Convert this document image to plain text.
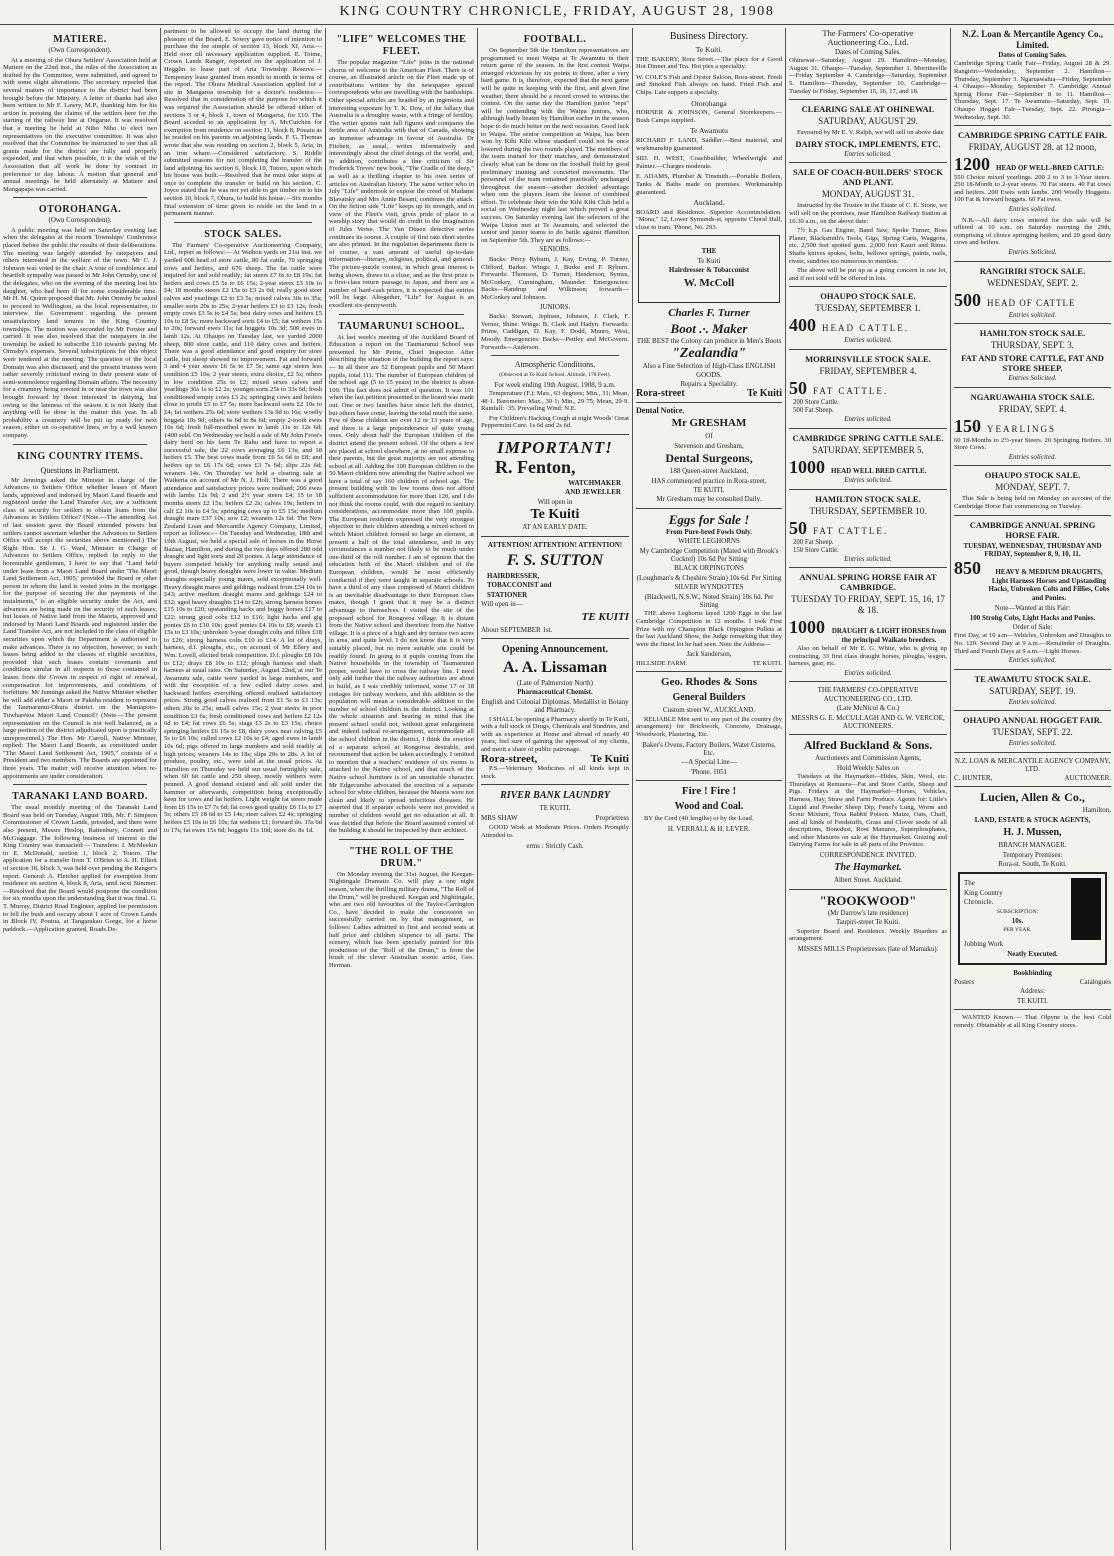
KING COUNTRY CHRONICLE, FRIDAY, AUGUST 28, 1908
MATIERE.
(Own Correspondent).

At a meeting of the Ohura Settlers' Association held at Matiere on the 22nd inst., the rules of the Association as drafted by the Committee, were submitted, and agreed to with some slight alterations. The secretary reported that several matters of importance to the district had been brought before the Ministry. A letter of thanks had also been written to Mr F. Lawry, M.P., thanking him for his action in pressing the claims of the settlers here for the starting of the railway line at Ongarue. It was resolved that a meeting be held at Niho Niho to elect two representatives on the executive committee. It was also resolved that the Committee be instructed to see that all grants made for the district are fully and properly expended, and that when possible, it is the wish of the Association that all work be done by contract in preference to day labour. A motion that general and annual meetings be held alternately at Matiere and Mangapapa was carried.

OTOROHANGA.
(Own Correspondent).

A public meeting was held on Saturday evening last when the delegates at the recent Townships' Conference placed before the public the results of their deliberations. The meeting was largely attended by ratepayers and others interested in the welfare of the town. Mr C. J. Johnson was voted to the chair. A vote of condolence and heartfelt sympathy was passed to Mr John Ormsby, one of the delegates, who on the evening of the meeting lost his daughter, who had been ill for some considerable time. Mr H. M. Quinn proposed that Mr. John Ormsby be asked to proceed to Wellington, as the local representative, to interview the Government regarding the present unsatisfactory land tenures in the King Country townships. The motion was seconded by Mr Forster and carried. It was also resolved that the ratepayers in the township be asked to subscribe £10 towards paying Mr Ormsby's expenses. Several subscriptions for this object were tendered at the meeting. The question of the local Domain was also discussed, and the present trustees were rather severely criticised owing to their present state of semi-somnolence regarding Domain affairs. The necessity for a creamery being erected in or near the town was also brought forward by those interested in dairying, but owing to the lateness of the season it is not likely that anything will be done in the matter this year. In all probability a creamery will be put up ready for next season, either on co-operative lines, or by a well known company.

KING COUNTRY ITEMS.
Questions in Parliament.

Mr Jennings asked the Minister in charge of the Advances to Settlers Office whether leases of Maori lands, approved and indorsed by Maori Land Boards and registered under the Land Transfer Act, are a sufficient class of security for settlers to obtain loans from the Advances to Settlers Office? (Note.—The amending Act of last session gave the Board extended powers but settlers cannot ascertain whether the Advances to Settlers Office will accept the securities above mentioned.) The Right Hon. Sir J. G. Ward, Minister in Charge of Advances to Settlers Office, replied: In reply to the honourable gentleman, I have to say that "Land held under lease from a Maori Land Board under 'The Maori Land Settlement Act, 1905,' provided the Board or other person in whom the land is vested joins in the mortgage for the purpose of securing the due payments of the instalments," is an eligible security under the Act, and advances are being made on the security of such leases; but leases of Native land from the Maoris, approved and indorsed by Maori Land Boards and registered under the Land Transfer Act, are not included in the class of eligible securities upon which the Department is authorised to make advances. There is no objection, however, to such leases being added to the classes of eligible securities, provided that such leases contain covenants and conditions similar in all respects to those contained in leases from the Crown in respect of right of renewal, compensation for improvements, and conditions of forfeiture. Mr Jennings asked the Native Minister whether he will add either a Maori or Pakeha resident to represent the Taumarunui-Ohura district on the Maniapoto-Tuwharetoa Maori Land Council? (Note.—The present representation on the Council is not well balanced, as a large portion of the district adjudicated upon is practically unrepresented.) The Hon. Mr Carroll, Native Minister, replied: The Maori Land Boards, as constituted under "The Maori Land Settlement Act, 1905," consists of a President and two members. The Boards are appointed for three years. The matter will receive attention when re-appointments are under consideration.

TARANAKI LAND BOARD.

The usual monthly meeting of the Taranaki Land Board was held on Tuesday, August 18th, Mr. F. Simpson Commissioner of Crown Lands, presided, and there were also present, Messrs Heslop, Rattenbury, Connett and McGuggage. The following business of interest to the King Country was transacted:— Transfers: J. McMeekin to E. McDonald, section 1, block 2, Totoro. The application for a transfer from T. O'Brien to A. H. Elliott of section 18, block 3, was held over pending the Ranger's report. General: A. Fletcher applied for exemption from residence on section 4, block 8, Aria, until next Summer.—Resolved that the Board would postpone the condition for six months upon the understanding that it was final. G. T. Murray, District Road Engineer, applied for permission to fell the bush and occupy about 1 acre of Crown Lands in Block IV, Poutua, at Tangarakau Gorge, for a horse paddock.—Application granted, Roads De-

partment to be allowed to occupy the land during the pleasure of the Board. E. Sowry gave notice of intention to purchase the fee simple of section 13, block XI, Aria.—Held over till necessary application supplied. E. Toime, Crown Lands Ranger, reported on the application of J. Hegglin to lease part of Aria Township Reserve.—Temporary lease granted from month to month in terms of the report. The Ohura Medical Association applied for a site in Mangaroa township for a doctor's residence.—Resolved that in consideration of the purpose for which it was required the Association should be offered either of sections 3 or 4, block 1, town of Mangaroa, for £10. The Board acceded to an application by A. McCutchen for exemption from residence on section 11, block 8, Pouatu as he resided on his parents on adjoining lands. F. G. Thomas wrote that she was residing on section 2, block 5, Aria, in an iron whare.—Considered satisfactory. S. Riddle submitted reasons for not completing the transfer of the land adjoining his section 6, block 10, Totoro, upon which his house was built.—Resolved that he must take steps at once to complete the transfer or build on his section. C. Joyce stated that he was not yet able to get timber on to his section 10, block 7, Ohura, to build his house.—Six months final extension of time given to reside on the land in a permanent manner.

STOCK SALES.

The Farmers' Co-operative Auctioneering Company, Ltd., report as follows:— At Waihou yards on 21st inst. we yarded 608 head of store cattle, 80 fat cattle, 70 springing cows and heifers, and 676 sheep. The fat cattle were inquired for and sold readily; fat steers £7 6s to £8 19s; fat heifers and cows £5 5s to £6 15s; 2-year steers £3 10s to £4; 18 months steers £2 15s to £3 2s 6d; really good steer calves and yearlings £2 to £3 5s; mixed calves 30s to 35s; smaller sorts 20s to 25s; 2-year heifers £3 to £3 12s; fresh empty cows £3 5s to £4 5s; best dairy cows and heifers £5 10s to £8 5s; more backward sorts £4 to £5; fat wethers 15s to 20s; forward ewes 11s; fat hoggets 10s 3d; 500 ewes in lamb 12s. At Ohaupo on Tuesday last, we yarded 2000 sheep, 800 store cattle, and 110 dairy cows and heifers. There was a good attendance and good enquiry for store cattle, but sheep showed no improvement. Fat and forward 3 and 4 year steers £6 5s to £7 5s; same age steers less condition £5 10s; 2 year steers, extra choice, £2 5s; others in low condition 25s to £2; mixed sexes calves and yearlings 36s 1s to £2 2s; younger sorts 25s to 33s 6d; fresh conditioned empty cows £3 2s; springing cows and heifers close to profit £5 to £7 5s; more backward sorts £2 10s to £4; fat wethers 25s 6d; store wethers 13s 9d to 16s; woolly hoggets 10s 9d; others 6s 6d to 8s 6d; empty 2-tooth ewes 10s 6d; fresh full-mouthed ewes in lamb 11s to 12s 6d; 1400 sold. On Wednesday we held a sale of Mr John Frost's dairy herd on his farm Te Rahu and have to report a successful sale, the 22 cows averaging £6 13s; and 18 heifers £5. The best cows made from £6 5s 6d to £8; and heifers up to £6 17s 6d; sows £3 7s 6d; slips 22s 6d; weaners 14s. On Thursday we held a clearing sale at Waikeria on account of Mr N. J. Holt. There was a good attendance and satisfactory prices were realised; 206 ewes with lambs 12s 9d; 2 and 2½ year steers £4; 15 to 18 months steers £2 15s; heifers £2 2s; calves 19s; heifers in calf £2 10s to £4 5s; springing cows up to £5 15s; medium draught mare £37 10s; sow £2; weaners 12s 6d. The New Zealand Loan and Mercantile Agency Company, Limited, report as follows:— On Tuesday and Wednesday, 18th and 19th August, we held a special sale of horses in the Horse Bazaar, Hamilton, and during the two days offered 280 odd draught and light sorts and 20 ponies. A large attendance of buyers competed briskly for anything really sound and good, though heavy draughts were lower in value. Medium draughts especially young mares, sold exceptionally well. Heavy draught mares and geldings realised from £34 10s to £43; active medium draught mares and geldings £24 to £32; aged heavy draughts £14 to £26; strong harness horses £15 10s to £20; upstanding hacks and buggy horses £17 to £22; strong good cobs £12 to £16; light hacks and gig ponies £6 to £10 10s; good ponies £4 10s to £8; weeds £1 15s to £3 10s; unbroken 3-year draught colts and fillies £18 to £26; strong harness colts £10 to £14. A lot of drays, harness, d.f. ploughs, etc., on account of Mr Ellery and Wm. Lovell, elicited brisk competition. D.f. ploughs £8 10s to £12; drays £8 10s to £12; plough harness and shaft harness at usual rates. On Saturday, August 22nd, at our Te Awamutu sale, cattle were yarded in large numbers, and with the exception of a few culled dairy cows and backward heifers everything offered realised satisfactory prices. Strong good calves realised from £1 5s to £1 13s; others 20s to 25s; small calves 15s; 2 year steers in poor condition £3 6s; fresh conditioned cows and heifers £2 12s 6d to £4; fat cows £6 5s; stags £3 2s to £3 15s; choice springing heifers £6 15s to £8, dairy cows near calving £5 5s to £6 10s; culled cows £2 10s to £4; aged ewes in lamb 10s 6d; pigs offered in large numbers and sold readily at high prices; weaners 14s to 18s; slips 20s to 28s. A lot of produce, poultry, etc., were sold at the usual prices. At Hamilton on Thursday we held our usual fortnightly sale, when 60 fat cattle and 250 sheep, mostly wethers were penned. A good demand existed and all sold under the hammer or afterwards, competition being exceptionally keen for cows and fat heifers. Light weight fat steers made from £6 15s to £7 7s 6d; fat cows good quality £6 11s to £7 5s; others £5 18 6d to £5 14s; steer calves £2 4s; springing heifers £5 10s to £6 10s; fat wethers £1; forward do. 15s 6d to 17s; fat ewes 15s 6d; hoggets 11s 10d; store do. 8s 1d.

"LIFE" WELCOMES THE FLEET.

The popular magazine "Life" joins in the national chorus of welcome to the American Fleet. There is of course, an illustrated article on the Fleet made up of contributions written by the newspaper special correspondents who are travelling with the battleships. Other special articles are headed by an ingenious and interesting exposure by T. K. Dow, of the fallacy that Australia is a droughty waste, with a fringe of fertility. The writer quotes rain fall figures and compares the fertile area of Australia with that of Canada, showing an immense advantage in favour of Australia. Dr Fitchett, as usual, writes informatively and interestingly about the chief doings of the world, and, in addition, contributes a fine criticism of Sir Frederick Treves' new book, "The Cradle of the deep," as well as a thrilling chapter to his own series of articles on Australian history. The same writer who in July "Life" undertook to expose the creed of Madame Blavatsky and Mrs Annie Besant, continues the attack. On the fiction side "Life" keeps up its strength, and in view of the Fleet's visit, gives pride of place to a warship story that would do credit to the imagination of Jules Verne. The Van Dusen detective series continues its course. A couple of first rate short stories are also printed. In the regulation departments there is of course, a vast amount of useful up-to-date information—literary, religious, political, and general. The picture-puzzle contest, in which great interest is being shown, draws to a close, and as the first prize is a first-class return passage to Japan, and there are a number of hard-cash prizes, it is expected that entries will be large. Altogether, "Life" for August is an excellent six-pennyworth.

TAUMARUNUI SCHOOL.

At last week's meeting of the Auckland Board of Education a report on the Taumarunui School was presented by Mr Petrie, Chief Inspector. After describing the situation of the building the report says:— In all there are 52 European pupils and 50 Maori pupils, total 111. The number of European children of the school age (5 to 15 years) in the district is about 109. This fact does not admit of question. It was 101 when the last petition presented to the board was made out. One or two families have since left the district, but others have come, leaving the total much the same. Few of these children are over 12 or 13 years of age, and there is a large preponderance of quite young ones. Only about half the European children of the district attend the present school. Of the others a few are placed at school elsewhere, at no small expense to their parents, but the great majority are not attending school at all. Adding the 100 European children to the 50 Maori children now attending the Native school we have a total of say 160 children of school age. The present building with its low rooms does not afford sufficient accommodation for more than 120, and I do not think the rooms could, with due regard to sanitary considerations, accommodate more than 100 pupils. The European residents expressed the very strongest objection to their children attending a mixed school in which Maori children formed so large an element, at present a half of the total attendance, and in any circumstances a number not likely to be much under one-third of the roll number. I am of opinion that the education both of the Maori children and of the European children, would be most efficiently conducted if they were taught in separate schools. To have a third of any class composed of Maori children is an inevitable disadvantage to their European class mates, though I grant that it may be a distinct advantage to themselves. I visited the site of the proposed school for Rongoroa village. It is distant from the Native school and therefore from the Native village. It is a piece of a high and dry terrace two acres in area, and quite level. I do not know that it is very suitably placed, but no more suitable site could be readily found. In going to it pupils coming from the Native households in the township of Taumarunui proper, would have to cross the railway line. I need only add further that the railway authorities are about to build, as I was credibly informed, some 17 or 18 cottages for railway workers, and this addition to the population will mean a considerable addition to the number of school children in the district. Looking at the whole situation and bearing in mind that the present school could not, without great enlargement and indeed radical re-arrangement, accommodate all the school children in the district, I think the erection of a separate school at Rongoroa desirable, and recommend that action be taken accordingly. I omitted to mention that a teachers' residence of six rooms is attached to the Native school, and that much of the Native school furniture is of an unsuitable character. Mr Edgecumbe advocated the erection of a separate school for white children, because the Maoris were not clean and likely to spread infectious diseases. He asserted that if separate schools were not provided a number of children would get no education at all. It was decided that before the Board assumed control of the building it should be inspected by their architect.

"THE ROLL OF THE DRUM."

On Monday evening the 31st August, the Keegan-Nightingale Dramatic Co. will play a one night season, when the thrilling military drama, "The Roll of the Drum," will be produced. Keegan and Nightingale, who are two old favourites of the Taylor-Carrington Co., have decided to make the concession so successfully carried on by that management, as follows: Ladies admitted to first and second seats at half price and children sixpence to all parts. The scenery, which has been specially painted for this production of the "Roll of the Drum," is from the brush of the clever Australian scenic artist, Geo. Herman.

FOOTBALL.

On September 5th the Hamilton representatives are programmed to meet Waipa at Te Awamutu in their return game of the season. In the first contest Waipa emerged victorious by six points to three, after a very hard game. It is, therefore, expected that the next game will be quite in keeping with the first, and given fine weather, there should be a record crowd to witness the contest. On the same day the Hamilton junior "reps" will be contending with the Waipa juniors, who, although badly beaten by Hamilton earlier in the season hope to do much better on the next occasion. Good luck to Waipa. The senior competition at Waipa, has been won by Kihi Kihi whose standard could not be once lowered during the two rounds played. The members of the team trained for their matches, and demonstrated clearly what can be done on the football field by good preliminary training and concerted movements. The personnel of the team remained practically unchanged throughout the season—another decided advantage when one the players learn the lesson of combined effort. To celebrate their win the Kihi Kihi Club held a social on Wednesday night last which proved a great success. On Saturday evening last the selectors of the Waipa Union met at Te Awamutu, and selected the senior and junior teams to do battle against Hamilton on September 5th. They are as follows:—

SENIORS.

Backs: Percy Ryburn, J. Kay, Erving, P. Turner, Clifford, Barker. Wings: J. Burke and F. Ryburn. Forwards: Thomson, D. Turner, Henderson, Symes, McConkey, Cunningham, Maunder. Emergencies: Backs—Randrup and Wilkinson; forwards—McConkey and Johnson.

JUNIORS.

Backs: Stewart, Jephson, Johnson, J. Clark, F. Verner, Shine. Wings: B. Clark and Hadyn. Forwards: Prime, Caddigan, D. Kay, F. Dodd, Munro, West, Moody. Emergencies: Backs—Pettley and McGovern. Forwards—Anderson.

Atmospheric Conditions.
(Observed at Te Kuiti School. Altitude, 178 Feet).
For week ending 19th August, 1908, 9 a.m.

Temperature (F.): Max., 63 degrees; Min., 31; Mean, 48·1. Barometer: Max., 30·1; Min., 29·75; Mean, 29·9. Rainfall: ·35. Prevailing Wind: N.E.

For Children's Hacking Cough at night Woods' Great Peppermint Cure. 1s 6d and 2s 6d.

IMPORTANT!
R. Fenton,
WATCHMAKER
AND JEWELLER
Will open in
Te Kuiti
AT AN EARLY DATE.
ATTENTION! ATTENTION! ATTENTION!
F. S. SUTTON
HAIRDRESSER,
TOBACCONIST and
STATIONER
Will open in—
TE KUITI
About SEPTEMBER 1st.
Opening Announcement.
A. A. Lissaman
(Late of Palmerston North)
Pharmaceutical Chemist.
English and Colonial Diplomas. Medallist in Botany and Pharmacy.

I SHALL be opening a Pharmacy shortly in Te Kuiti, with a full stock of Drugs, Chemicals and Sundries, and with an experience at Home and abroad of nearly 40 years, feel sure of gaining the approval of my clients, and merit a share of public patronage.

Rora-street,	Te Kuiti

P.S.—Veterinary Medicines of all kinds kept in stock.

RIVER BANK LAUNDRY
TE KUITI.
MRS SHAW	Proprietress

GOOD Work at Moderate Prices. Orders Promptly Attended to.

erms : Strictly Cash.
Business Directory.
Te Kuiti.

THE BAKERY, Rora Street.—The place for a Good Hot Dinner and Tea. Hot pies a speciality.

W. COLE'S Fish and Oyster Saloon, Rora-street. Fresh and Smoked Fish always on hand. Fried Fish and Chips. Late suppers a specialty.

Otorohanga

HORNER & JOHNSON, General Storekeepers.—Bush Camps supplied.

Te Awamutu

RICHARD F. LAND, Saddler.—Best material, and workmanship guaranteed.

SID. H. WEST, Coachbuilder, Wheelwright and Painter.—Charges moderate.

E. ADAMS, Plumber & Tinsmith.—Portable Boilers, Tanks & Baths made on premises. Workmanship guaranteed.

Auckland.

BOARD and Residence. Superior Accommodation. "Mona," 12, Lower Symonds-st, opposite Choral Hall, close to tram. 'Phone, No. 293.

THE
Te Kuiti
Hairdresser & Tobacconist
W. McColl
Charles F. Turner
Boot .·. Maker
THE BEST the Colony can produce in Men's Boots
"Zealandia"
Also a Fine Selection of High-Class ENGLISH GOODS.
Repairs a Speciality.
Rora-street	Te Kuiti
Dental Notice.
Mr GRESHAM
Of
Stevenson and Gresham,
Dental Surgeons,
188 Queen-street Auckland,
HAS commenced practice in Rora-street,
TE KUITI.
Mr Gresham may be consulted Daily.
Eggs for Sale !
From Pure-bred Fowls Only.
WHITE LEGHORNS
My Cambridge Competition (Mated with Brook's Cockrel) 10s 6d Per Sitting
BLACK ORPINGTONS
(Loughman's & Cheshire Strain) 10s 6d. Per Sitting
SILVER WYNDOTTES
(Blackwell, N.S.W., Noted Strain) 10s 6d. Per Sitting

THE above Leghorns layed 1200 Eggs in the last Cambridge Competition in 12 months. I took First Prize with my Champion Black Orpington Pullets at the last Auckland Show, the Judge remarking that they were the finest lot he had seen. Note the Address—

Jack Sanderson,
HILLSIDE FARM.	TE KUITI.
Geo. Rhodes & Sons
General Builders
Custom street W., AUCKLAND.

RELIABLE Men sent to any part of the country (by arrangement) for Brickwork, Concrete, Drainage, Woodwork, Plastering, Etc.

Baker's Ovens, Factory Boilers, Water Cisterns, Etc.
—A Special Line—
'Phone. 1051
Fire ! Fire !
Wood and Coal.

BY the Cord (4ft lengths) or by the Load.

H. VERRALL & H. LEVER.
The Farmers' Co-operative
Auctioneering Co., Ltd.
Dates of Coming Sales.

Ohinewai—Saturday, August 29. Hamilton—Monday, August 31. Ohaupo—Tuesday, September 1. Morrinsville—Friday September 4. Cambridge—Saturday, September 5. Hamilton—Thursday, September 10. Cambridge—Tuesday to Friday, September 15, 16, 17, and 18.

CLEARING SALE AT OHINEWAL
SATURDAY, AUGUST 29.

Favoured by Mr E. V. Ralph, we will sell on above date

DAIRY STOCK, IMPLEMENTS, ETC.
Entries solicited.
SALE OF COACH-BUILDERS' STOCK AND PLANT.
MONDAY, AUGUST 31.

Instructed by the Trustee in the Estate of C. E. Stone, we will sell on the premises, near Hamilton Railway Station at 10.30 a.m., on the above date:

7½ h.p. Gas Engine, Band Saw, Spoke Turner, Boss Planer, Blacksmith's Tools, Gigs, Spring Carts, Waggons, etc. 2,500 feet spotted gum. 2,000 feet Kauri and Rimu. Shafts knives spokes, bolts, bellows springs, paints, nails, rivets, sundries too numerous to mention.

The above will be put up as a going concern in one lot, and if not sold will be offered in lots.

OHAUPO STOCK SALE.
TUESDAY, SEPTEMBER 1.
400 HEAD CATTLE.
Entries solicited.
MORRINSVILLE STOCK SALE.
FRIDAY, SEPTEMBER 4.
50 FAT CATTLE.
200 Store Cattle.
500 Fat Sheep.
Entries solicited.
CAMBRIDGE SPRING CATTLE SALE.
SATURDAY, SEPTEMBER 5.
1000 HEAD WELL BRED CATTLE.
Entries solicited.
HAMILTON STOCK SALE.
THURSDAY, SEPTEMBER 10.
50 FAT CATTLE.
200 Fat Sheep.
150 Store Cattle.
Entries solicited.
ANNUAL SPRING HORSE FAIR AT CAMBRIDGE.
TUESDAY TO FRIDAY, SEPT. 15, 16, 17 & 18.
1000 DRAUGHT & LIGHT HORSES from the principal Waikato breeders.

Also on behalf of Mr E. G. White, who is giving up contracting, 33 first class draught horses, ploughs, wagon, harness, gear, etc.

Entries solicited.
THE FARMERS' CO-OPERATIVE AUCTIONEERING CO., LTD.
(Late McNicol & Co.)
MESSRS G. E. McCULLAGH AND G. W. VERCOE, AUCTIONEERS.
Alfred Buckland & Sons.
Auctioneers and Commission Agents,
Hold Weekly Sales on

Tuesdays at the Haymarket—Hides, Skin, Wool, etc. Thursdays at Remuera—Fat and Store Cattle, Sheep and Pigs. Fridays at the Haymarket—Horses, Vehicles, Harness, Hay, Straw and Farm Produce. Agents for: Little's Liquid and Powder Sheep Dip, Fenel's Lung, Worm and Scour Mixture, Toxa Rabbit Poison. Maize, Oats, Chaff, and all kinds of Feedstuffs, Grass and Clover seeds of all descriptions, Bonedust, Root Manures, Superphosphates, and other Manures on sale at the Haymarket. Grazing and Dairying Farms for sale in all parts of the Province.

CORRESPONDENCE INVITED.
The Haymarket.
Albert Street. Auckland.
"ROOKWOOD"
(Mr Darrow's late residence)
Taupiri-street Te Kuiti.

Superior Board and Residence. Weekly Boarders as arrangement.

MISSES MILLS Proprietresses (late of Mamaku).
N.Z. Loan & Mercantile Agency Co., Limited.
Dates of Coming Sales.

Cambridge Spring Cattle Fair—Friday, August 28 & 29. Rangiriri—Wednesday, September 2. Hamilton—Thursday, September 3. Ngaruawahia—Friday, September 4. Ohaupo—Monday, September 7. Cambridge Annual Spring Horse Fair—September 8 to 11. Hamilton—Thursday, Sept. 17. Te Awamutu—Saturday, Sept. 19. Ohaupo Hogget Fair—Tuesday, Sept. 22. Pirongia—Wednesday, Sept. 30.

CAMBRIDGE SPRING CATTLE FAIR.
FRIDAY, AUGUST 28. at 12 noon,
1200 HEAD OF WELL-BRED CATTLE:

550 Choice mixed yearlings. 200 2 to 3 to 3-Year steers. 250 18-Month to 2-year steers. 70 Fat steers. 40 Fat cows and heifers. 200 Ewes with lambs. 200 Woolly Hoggetts. 100 Fat & forward hoggets. 60 Fat ewes.

Entries solicited.

N.B.—All dairy cows entered for this sale will be offered at 10 a.m. on Saturday morning the 29th, comprising of choice springing heifers, and 20 good dairy cows and heifers.

Entries Solicited.
RANGIRIRI STOCK SALE.
WEDNESDAY, SEPT. 2.
500 HEAD OF CATTLE
Entries solicited.
HAMILTON STOCK SALE.
THURSDAY, SEPT. 3.
FAT AND STORE CATTLE, FAT AND STORE SHEEP.
Entries Solicited.
NGARUAWAHIA STOCK SALE.
FRIDAY, SEPT. 4.
150 YEARLINGS

60 18-Months to 2½-year Steers. 20 Springing Heifers. 30 Store Cows.

Entries solicited.
OHAUPO STOCK SALE.
MONDAY, SEPT. 7.

This Sale is being held on Monday on account of the Cambridge Horse Fair commencing on Tuesday.

CAMBRIDGE ANNUAL SPRING HORSE FAIR.
TUESDAY, WEDNESDAY, THURSDAY AND FRIDAY, September 8, 9, 10, 11.
850	HEAVY & MEDIUM DRAUGHTS, Light Harness Horses and Upstanding Hacks, Unbroken Colts and Fillies, Cobs and Ponies.
Note—Wanted at this Fair:
100 Strohg Cobs, Light Hacks and Ponies.
Order of Sale:

First Day, at 10 a.m—Vehicles, Unbroken and Draughts to No. 120. Second Day at 9 a.m.—Remainder of Draughts. Third and Fourth Days at 9 a.m.—Light Horses.

Entries solicited.
TE AWAMUTU STOCK SALE.
SATURDAY, SEPT. 19.
Entries solicited.
OHAUPO ANNUAL HOGGET FAIR.
TUESDAY, SEPT. 22.
Entries solicited.
N.Z. LOAN & MERCANTILE AGENCY COMPANY, LTD.
C. HUNTER,	AUCTIONEER.
Lucien, Allen & Co.,
Hamilton,
LAND, ESTATE & STOCK AGENTS,
H. J. Mussen,
BRANCH MANAGER.
Temporary Premises:
Rora-st. South, Te Kuiti.
The
King Country
Chronicle.
SUBSCRIPTION:
10s.
PER YEAR.
Jobbing Work
Neatly Executed.
Bookbinding
Posters	Catalogues
Address:
TE KUITI.

WANTED Known.— That Olpyne is the best Cold remedy. Obtainable at all King Country stores.
